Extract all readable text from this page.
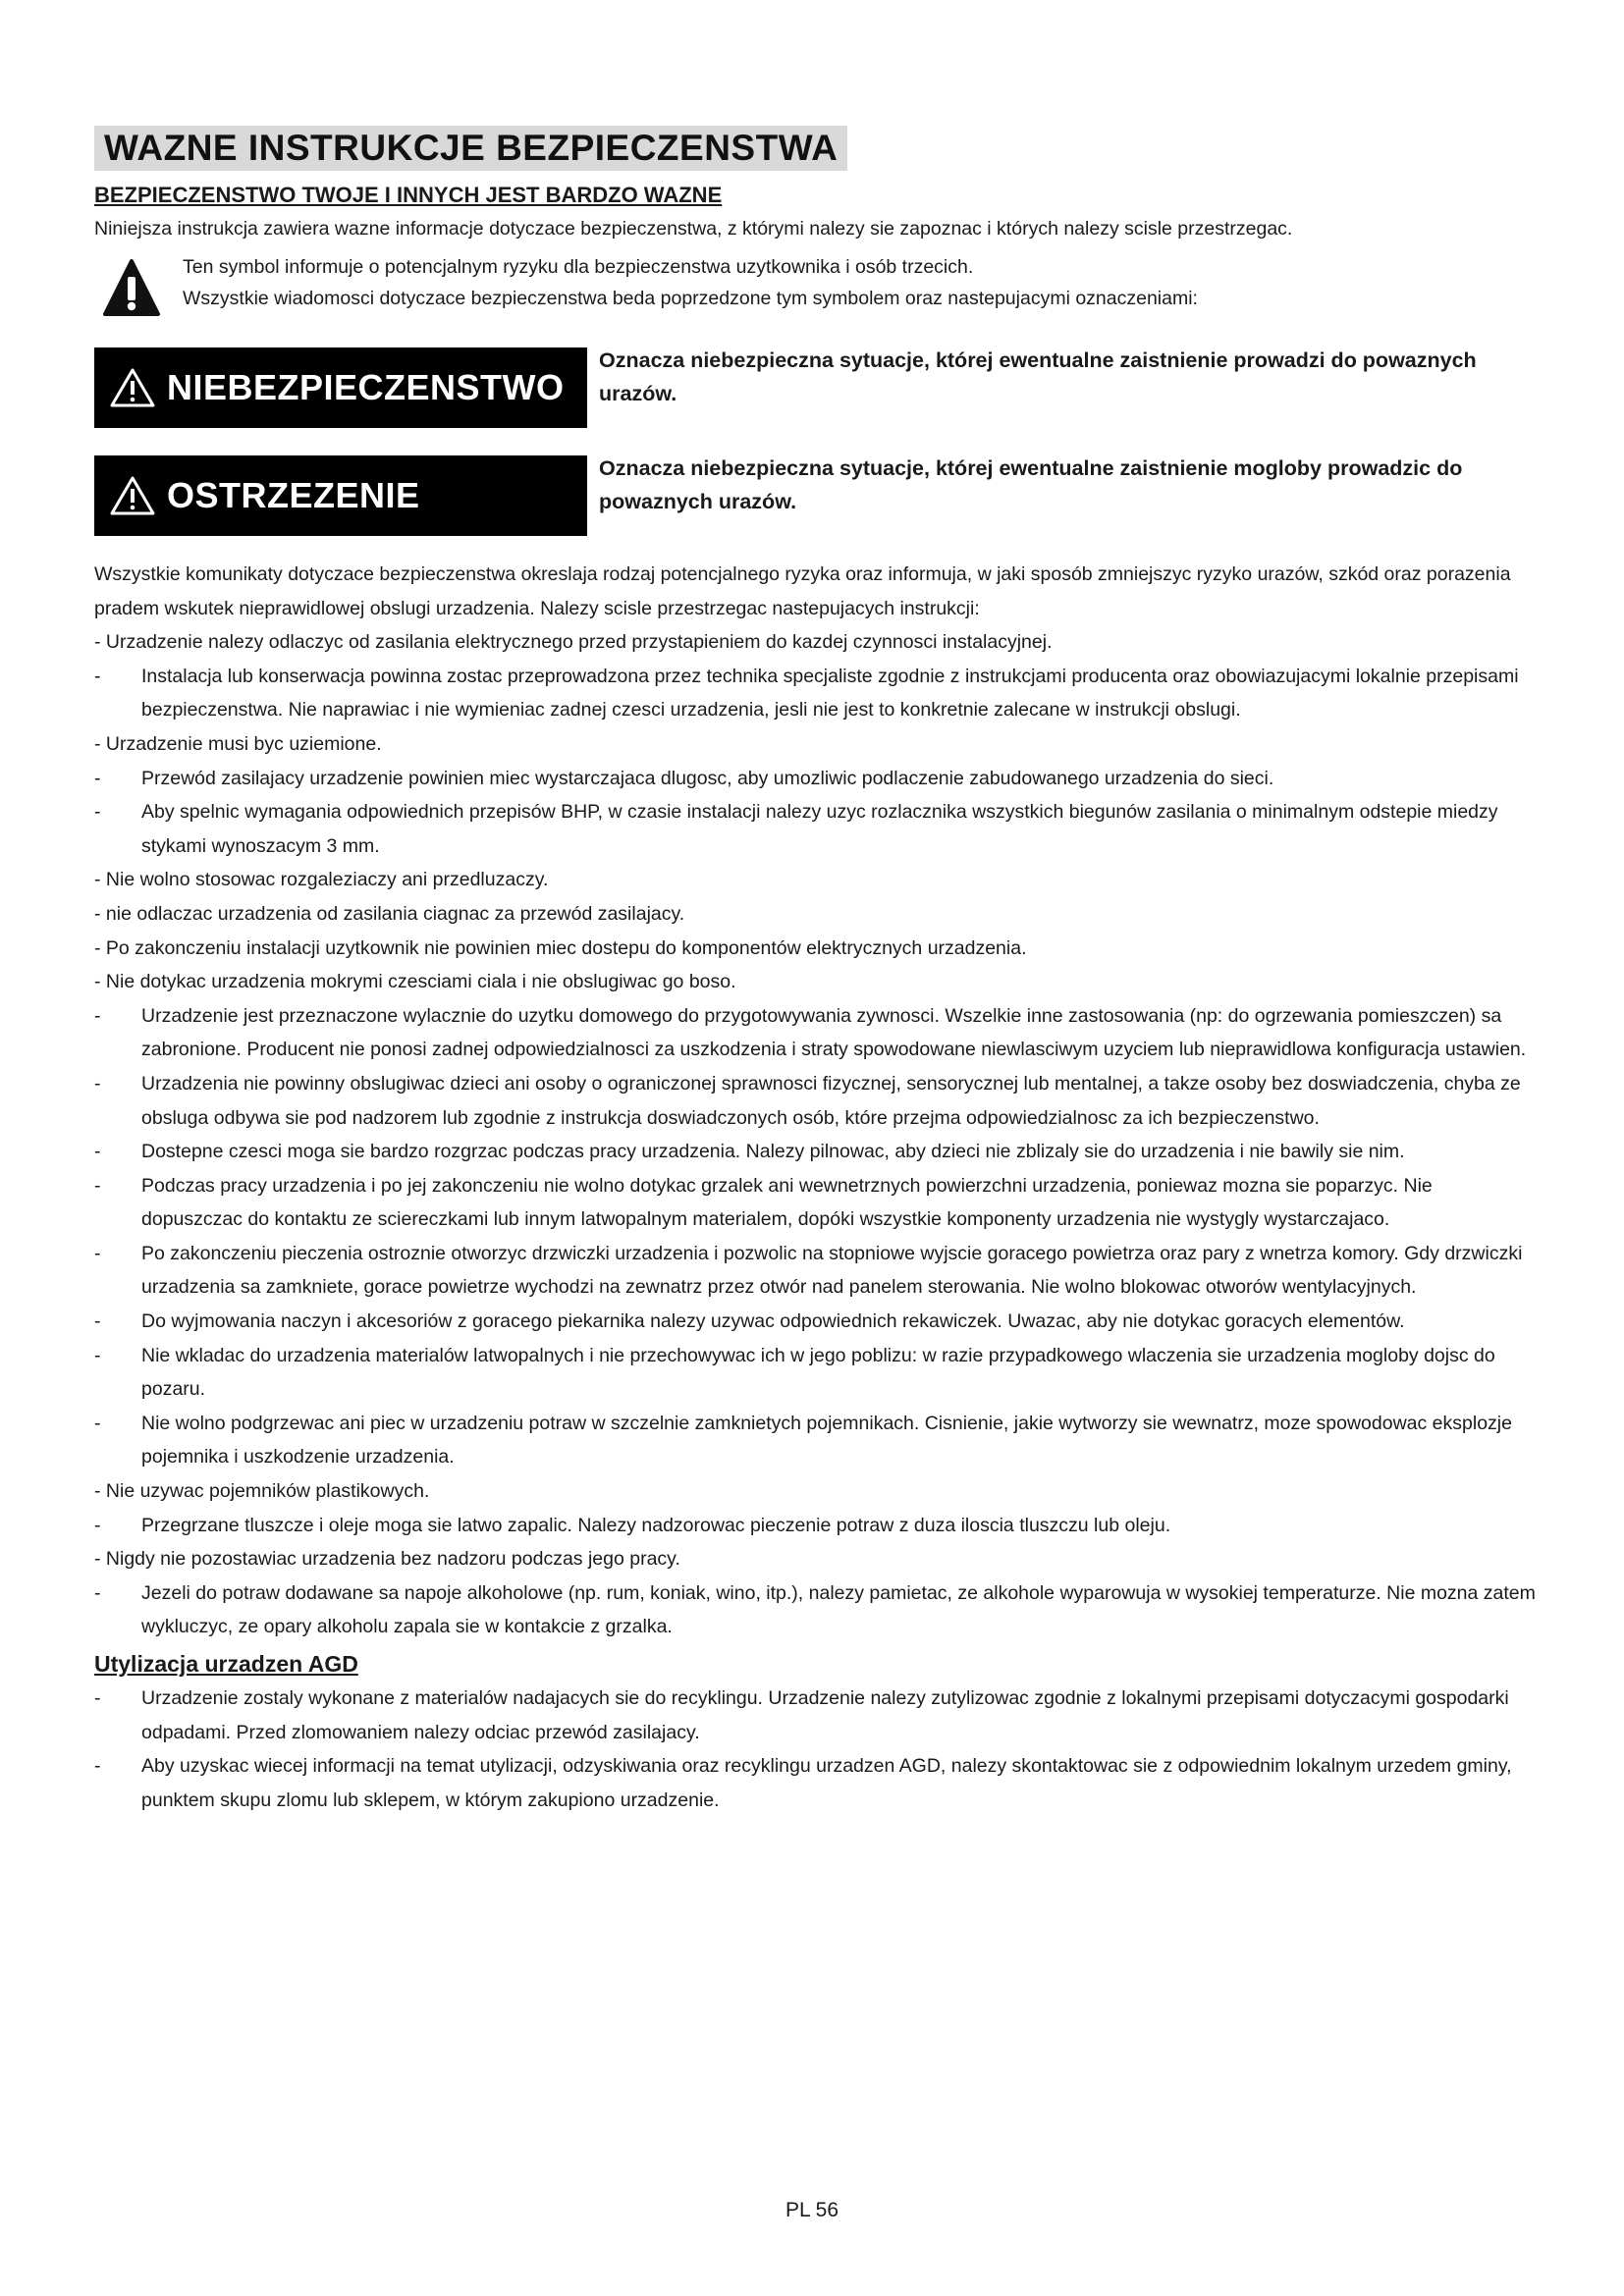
WAZNE INSTRUKCJE BEZPIECZENSTWA
BEZPIECZENSTWO TWOJE I INNYCH JEST BARDZO WAZNE
Niniejsza instrukcja zawiera wazne informacje dotyczace bezpieczenstwa, z którymi nalezy sie zapoznac i których nalezy scisle przestrzegac.
Ten symbol informuje o potencjalnym ryzyku dla bezpieczenstwa uzytkownika i osób trzecich.
Wszystkie wiadomosci dotyczace bezpieczenstwa beda poprzedzone tym symbolem oraz nastepujacymi oznaczeniami:
NIEBEZPIECZENSTWO
Oznacza niebezpieczna sytuacje, której ewentualne zaistnienie prowadzi do powaznych urazów.
OSTRZEZENIE
Oznacza niebezpieczna sytuacje, której ewentualne zaistnienie mogloby prowadzic do powaznych urazów.

Wszystkie komunikaty dotyczace bezpieczenstwa okreslaja rodzaj potencjalnego ryzyka oraz informuja, w jaki sposób zmniejszyc ryzyko urazów, szkód oraz porazenia pradem wskutek nieprawidlowej obslugi urzadzenia. Nalezy scisle przestrzegac nastepujacych instrukcji:

- Urzadzenie nalezy odlaczyc od zasilania elektrycznego przed przystapieniem do kazdej czynnosci instalacyjnej.

-	Instalacja lub konserwacja powinna zostac przeprowadzona przez technika specjaliste zgodnie z instrukcjami producenta oraz obowiazujacymi lokalnie przepisami bezpieczenstwa. Nie naprawiac i nie wymieniac zadnej czesci urzadzenia, jesli nie jest to konkretnie zalecane w instrukcji obslugi.

- Urzadzenie musi byc uziemione.

-	Przewód zasilajacy urzadzenie powinien miec wystarczajaca dlugosc, aby umozliwic podlaczenie zabudowanego urzadzenia do sieci.
-	Aby spelnic wymagania odpowiednich przepisów BHP, w czasie instalacji nalezy uzyc rozlacznika wszystkich biegunów zasilania o minimalnym odstepie miedzy stykami wynoszacym 3 mm.

- Nie wolno stosowac rozgaleziaczy ani przedluzaczy.

- nie odlaczac urzadzenia od zasilania ciagnac za przewód zasilajacy.

- Po zakonczeniu instalacji uzytkownik nie powinien miec dostepu do komponentów elektrycznych urzadzenia.

- Nie dotykac urzadzenia mokrymi czesciami ciala i nie obslugiwac go boso.

-	Urzadzenie jest przeznaczone wylacznie do uzytku domowego do przygotowywania zywnosci. Wszelkie inne zastosowania (np: do ogrzewania pomieszczen) sa zabronione. Producent nie ponosi zadnej odpowiedzialnosci za uszkodzenia i straty spowodowane niewlasciwym uzyciem lub nieprawidlowa konfiguracja ustawien.
-	Urzadzenia nie powinny obslugiwac dzieci ani osoby o ograniczonej sprawnosci fizycznej, sensorycznej lub mentalnej, a takze osoby bez doswiadczenia, chyba ze obsluga odbywa sie pod nadzorem lub zgodnie z instrukcja doswiadczonych osób, które przejma odpowiedzialnosc za ich bezpieczenstwo.
-	Dostepne czesci moga sie bardzo rozgrzac podczas pracy urzadzenia. Nalezy pilnowac, aby dzieci nie zblizaly sie do urzadzenia i nie bawily sie nim.
-	Podczas pracy urzadzenia i po jej zakonczeniu nie wolno dotykac grzalek ani wewnetrznych powierzchni urzadzenia, poniewaz mozna sie poparzyc. Nie dopuszczac do kontaktu ze sciereczkami lub innym latwopalnym materialem, dopóki wszystkie komponenty urzadzenia nie wystygly wystarczajaco.
-	Po zakonczeniu pieczenia ostroznie otworzyc drzwiczki urzadzenia i pozwolic na stopniowe wyjscie goracego powietrza oraz pary z wnetrza komory. Gdy drzwiczki urzadzenia sa zamkniete, gorace powietrze wychodzi na zewnatrz przez otwór nad panelem sterowania. Nie wolno blokowac otworów wentylacyjnych.
-	Do wyjmowania naczyn i akcesoriów z goracego piekarnika nalezy uzywac odpowiednich rekawiczek. Uwazac, aby nie dotykac goracych elementów.
-	Nie wkladac do urzadzenia materialów latwopalnych i nie przechowywac ich w jego poblizu: w razie przypadkowego wlaczenia sie urzadzenia mogloby dojsc do pozaru.
-	Nie wolno podgrzewac ani piec w urzadzeniu potraw w szczelnie zamknietych pojemnikach. Cisnienie, jakie wytworzy sie wewnatrz, moze spowodowac eksplozje pojemnika i uszkodzenie urzadzenia.

- Nie uzywac pojemników plastikowych.

-	Przegrzane tluszcze i oleje moga sie latwo zapalic. Nalezy nadzorowac pieczenie potraw z duza iloscia tluszczu lub oleju.

- Nigdy nie pozostawiac urzadzenia bez nadzoru podczas jego pracy.

-	Jezeli do potraw dodawane sa napoje alkoholowe (np. rum, koniak, wino, itp.), nalezy pamietac, ze alkohole wyparowuja w wysokiej temperaturze. Nie mozna zatem wykluczyc, ze opary alkoholu zapala sie w kontakcie z grzalka.
Utylizacja urzadzen AGD
-	Urzadzenie zostaly wykonane z materialów nadajacych sie do recyklingu. Urzadzenie nalezy zutylizowac zgodnie z lokalnymi przepisami dotyczacymi gospodarki odpadami. Przed zlomowaniem nalezy odciac przewód zasilajacy.
-	Aby uzyskac wiecej informacji na temat utylizacji, odzyskiwania oraz recyklingu urzadzen AGD, nalezy skontaktowac sie z odpowiednim lokalnym urzedem gminy, punktem skupu zlomu lub sklepem, w którym zakupiono urzadzenie.
PL 56
